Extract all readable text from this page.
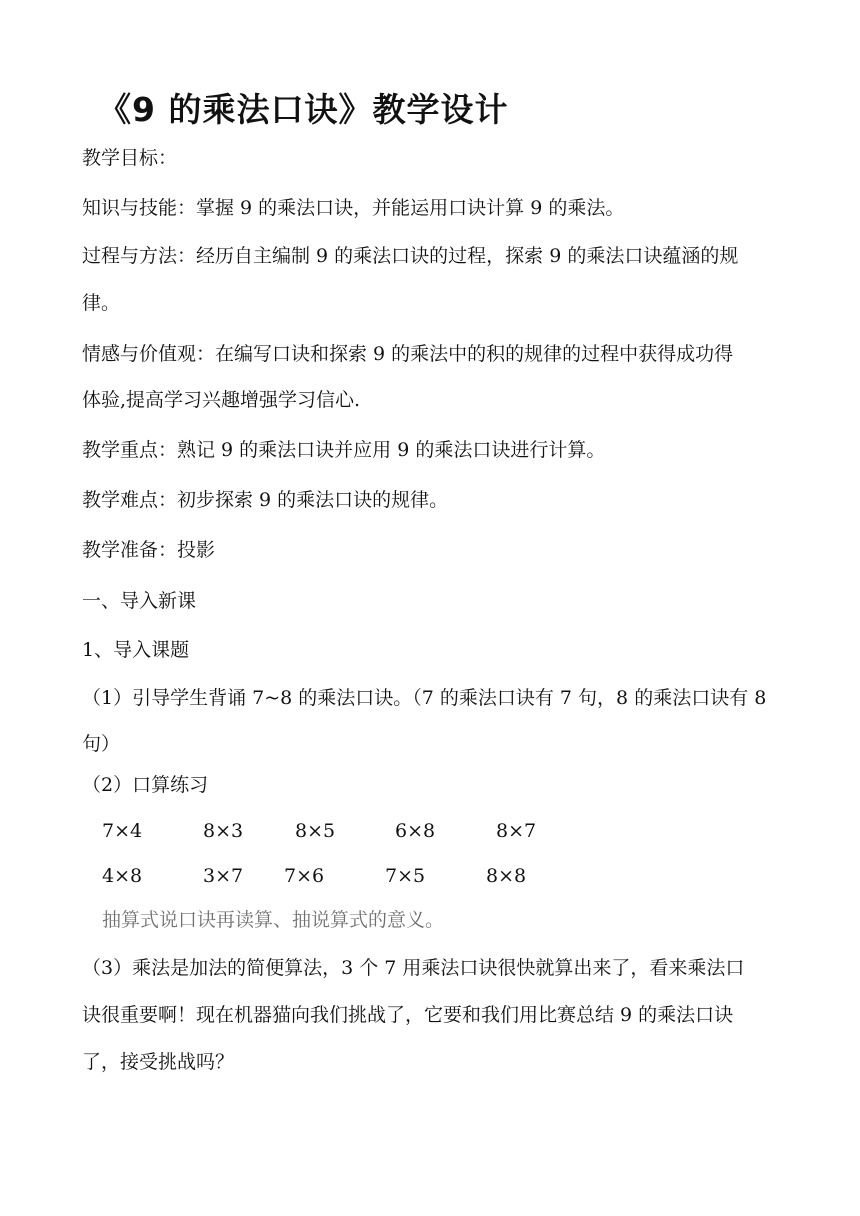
《9 的乘法口诀》教学设计
教学目标：
知识与技能：掌握 9 的乘法口诀，并能运用口诀计算 9 的乘法。
过程与方法：经历自主编制 9 的乘法口诀的过程，探索 9 的乘法口诀蕴涵的规
律。
情感与价值观：在编写口诀和探索 9 的乘法中的积的规律的过程中获得成功得
体验,提高学习兴趣增强学习信心.
教学重点：熟记 9 的乘法口诀并应用 9 的乘法口诀进行计算。
教学难点：初步探索 9 的乘法口诀的规律。
教学准备：投影
一、导入新课
1、导入课题
（1）引导学生背诵 7~8 的乘法口诀。（7 的乘法口诀有 7 句，8 的乘法口诀有 8
句）
（2）口算练习
7×4	8×3	8×5	6×8	8×7
4×8	3×7 7×6	7×5	8×8
抽算式说口诀再读算、抽说算式的意义。
（3）乘法是加法的简便算法，3 个 7 用乘法口诀很快就算出来了，看来乘法口
诀很重要啊！现在机器猫向我们挑战了，它要和我们用比赛总结 9 的乘法口诀
了，接受挑战吗？
